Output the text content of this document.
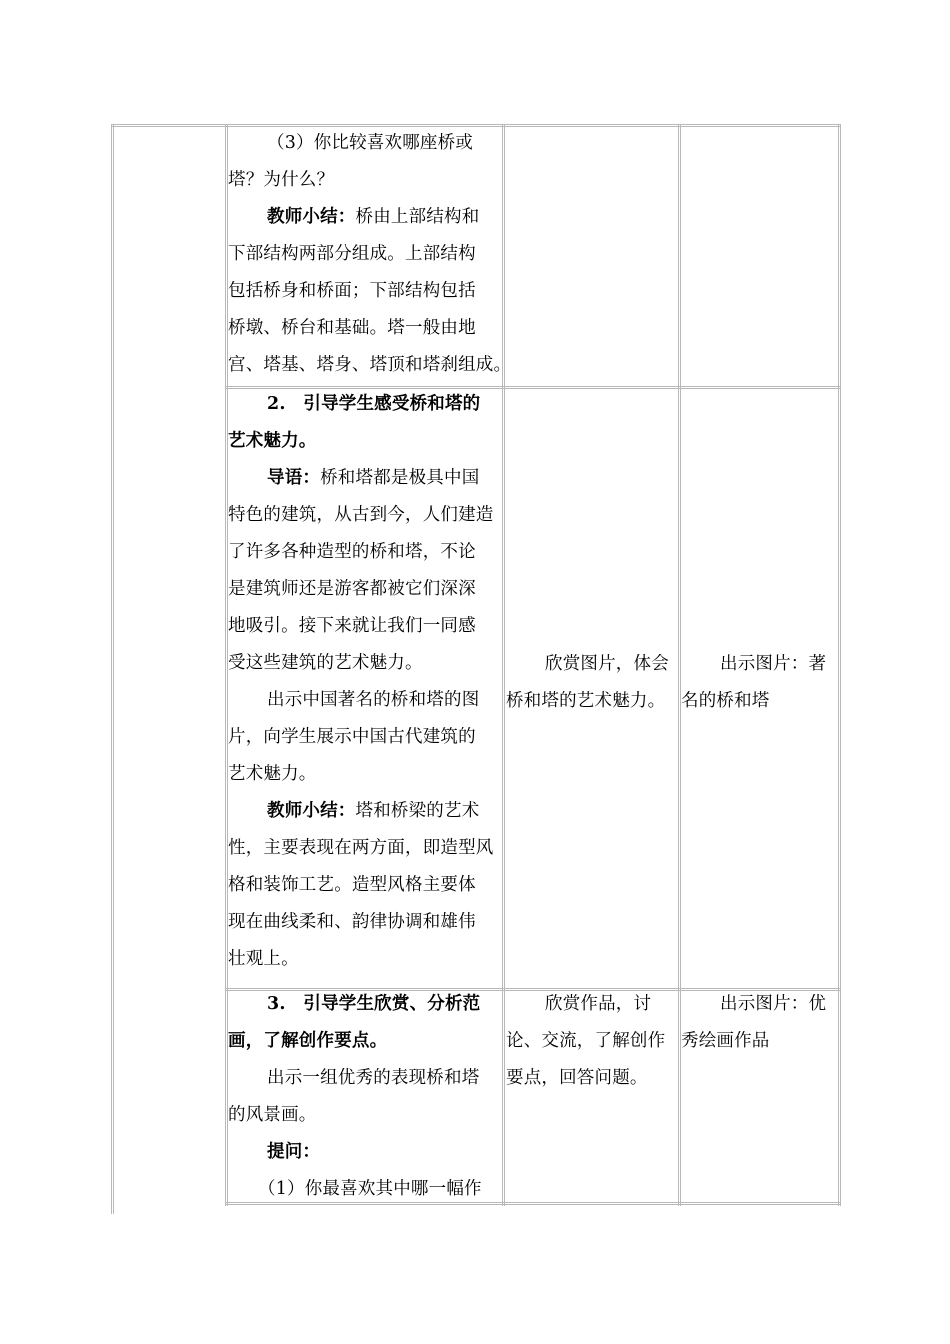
（3）你比较喜欢哪座桥或

塔？为什么？

教师小结：桥由上部结构和

下部结构两部分组成。上部结构

包括桥身和桥面；下部结构包括

桥墩、桥台和基础。塔一般由地

宫、塔基、塔身、塔顶和塔刹组成。

2.　引导学生感受桥和塔的

艺术魅力。

导语：桥和塔都是极具中国

特色的建筑，从古到今，人们建造

了许多各种造型的桥和塔，不论

是建筑师还是游客都被它们深深

地吸引。接下来就让我们一同感

受这些建筑的艺术魅力。

出示中国著名的桥和塔的图

片，向学生展示中国古代建筑的

艺术魅力。

教师小结：塔和桥梁的艺术

性，主要表现在两方面，即造型风

格和装饰工艺。造型风格主要体

现在曲线柔和、韵律协调和雄伟

壮观上。

欣赏图片，体会

桥和塔的艺术魅力。

出示图片：著

名的桥和塔

3.　引导学生欣赏、分析范

画，了解创作要点。

出示一组优秀的表现桥和塔

的风景画。

提问：

（1）你最喜欢其中哪一幅作

欣赏作品，讨

论、交流，了解创作

要点，回答问题。

出示图片：优

秀绘画作品
